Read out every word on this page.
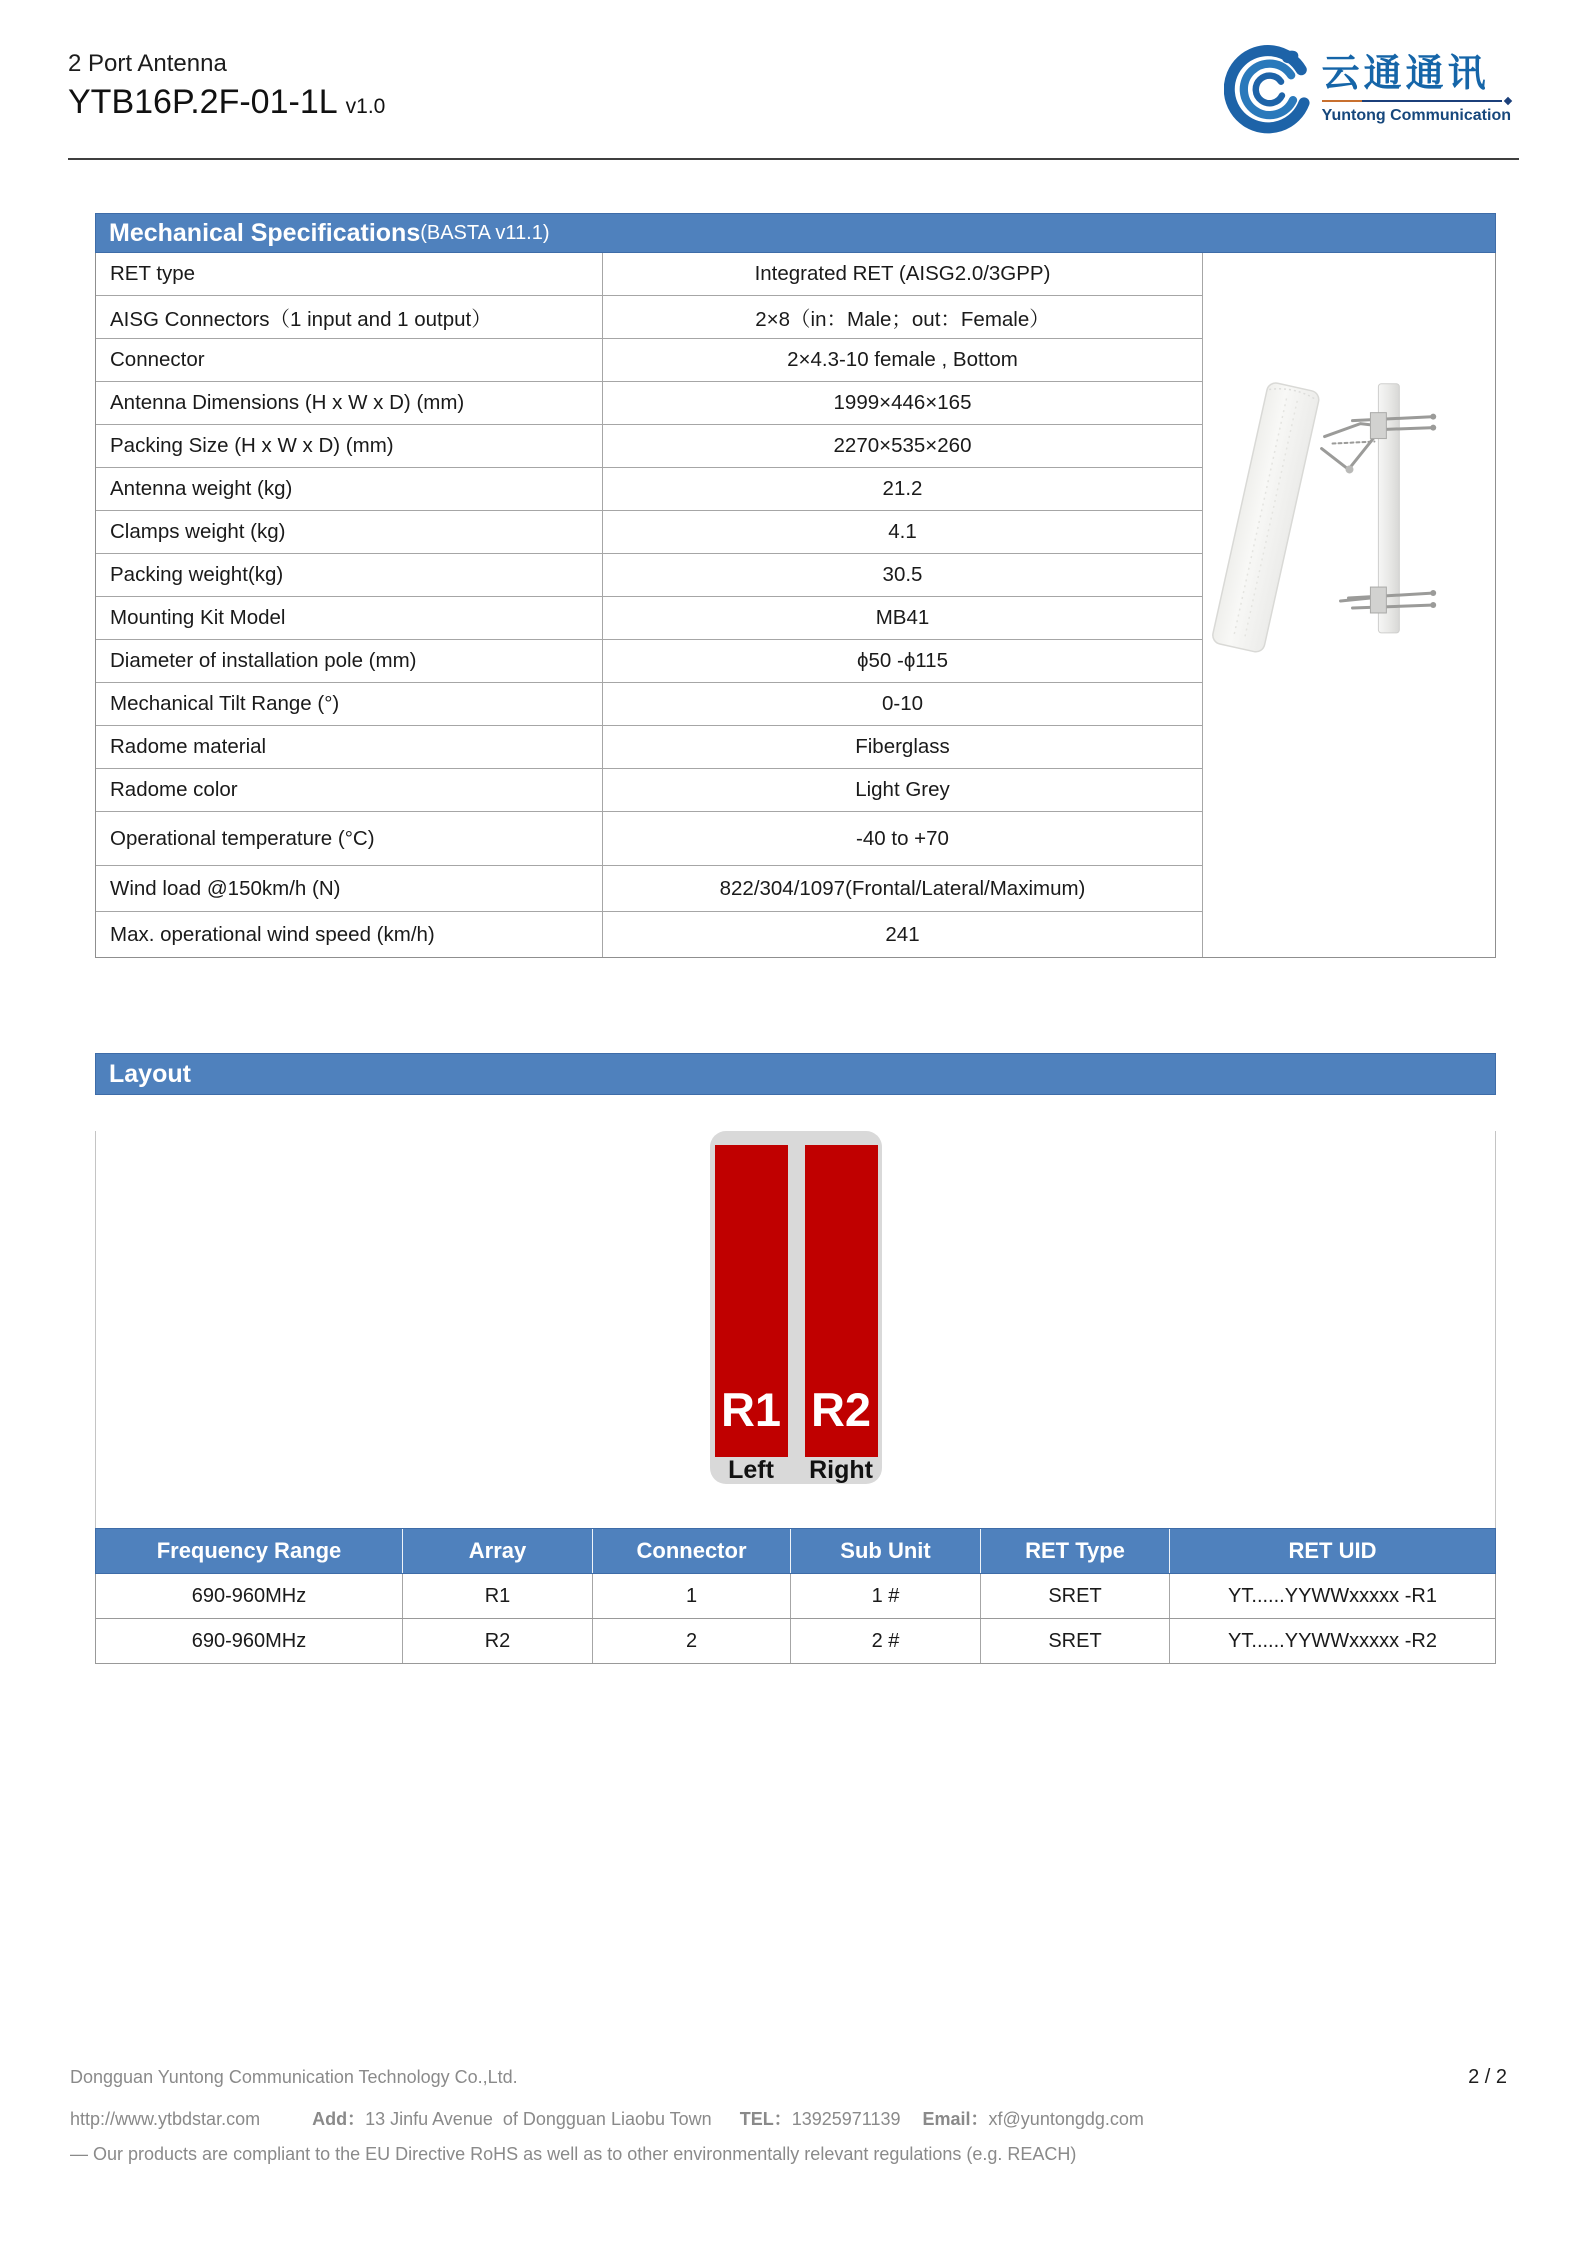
2 Port Antenna
YTB16P.2F-01-1L v1.0
云通通讯
Yuntong Communication
Mechanical Specifications (BASTA v11.1)
RET type	Integrated RET (AISG2.0/3GPP)
AISG Connectors（1 input and 1 output）	2×8（in：Male；out：Female）
Connector	2×4.3-10 female , Bottom
Antenna Dimensions (H x W x D) (mm)	1999×446×165
Packing Size (H x W x D) (mm)	2270×535×260
Antenna weight (kg)	21.2
Clamps weight (kg)	4.1
Packing weight(kg)	30.5
Mounting Kit Model	MB41
Diameter of installation pole (mm)	ϕ50 -ϕ115
Mechanical Tilt Range (°)	0-10
Radome material	Fiberglass
Radome color	Light Grey
Operational temperature (°C)	-40 to +70
Wind load @150km/h (N)	822/304/1097(Frontal/Lateral/Maximum)
Max. operational wind speed (km/h)	241
Layout
R1
Left
R2
Right
Frequency Range	Array	Connector	Sub Unit	RET Type	RET UID
690-960MHz	R1	1	1 #	SRET	YT......YYWWxxxxx -R1
690-960MHz	R2	2	2 #	SRET	YT......YYWWxxxxx -R2
Dongguan Yuntong Communication Technology Co.,Ltd.	2 / 2
http://www.ytbdstar.com	Add：13 Jinfu Avenue of Dongguan Liaobu Town TEL：13925971139 Email：xf@yuntongdg.com
— Our products are compliant to the EU Directive RoHS as well as to other environmentally relevant regulations (e.g. REACH)
